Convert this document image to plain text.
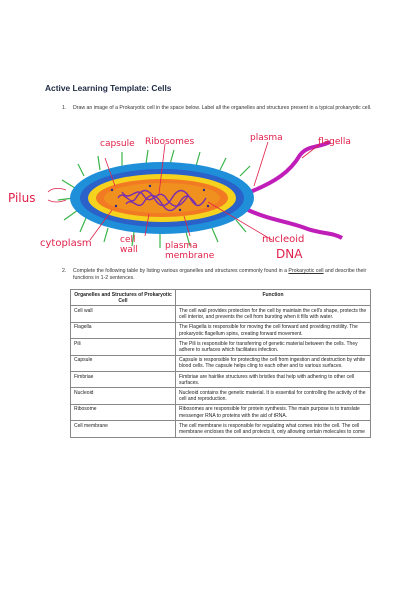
Active Learning Template: Cells
1. Draw an image of a Prokaryotic cell in the space below. Label all the organelles and structures present in a typical prokaryotic cell.
capsule Ribosomes	plasma	flagella
Pilus
cytoplasm	cell
wall	plasma
membrane
nucleoid
DNA
2. Complete the following table by listing various organelles and structures commonly found in a Prokaryotic cell and describe their functions in 1-2 sentences.
Organelles and Structures of Prokaryotic Cell	Function
Cell wall	The cell wall provides protection for the cell by maintain the cell's shape, protects the cell interior, and prevents the cell from bursting when it fills with water.
Flagella	The Flagella is responsible for moving the cell forward and providing motility. The prokaryotic flagellum spins, creating forward movement.
Pili	The Pili is responsible for transferring of genetic material between the cells. They adhere to surfaces which facilitates infection.
Capsule	Capsule is responsible for protecting the cell from ingestion and destruction by white blood cells. The capsule helps cling to each other and to various surfaces.
Fimbriae	Fimbriae are hairlike structures with bristles that help with adhering to other cell surfaces.
Nucleoid	Nucleoid contains the genetic material. It is essential for controlling the activity of the cell and reproduction.
Ribosome	Ribosomes are responsible for protein synthesis. The main purpose is to translate messenger RNA to proteins with the aid of tRNA.
Cell membrane	The cell membrane is responsible for regulating what comes into the cell. The cell membrane encloses the cell and protects it, only allowing certain molecules to come
